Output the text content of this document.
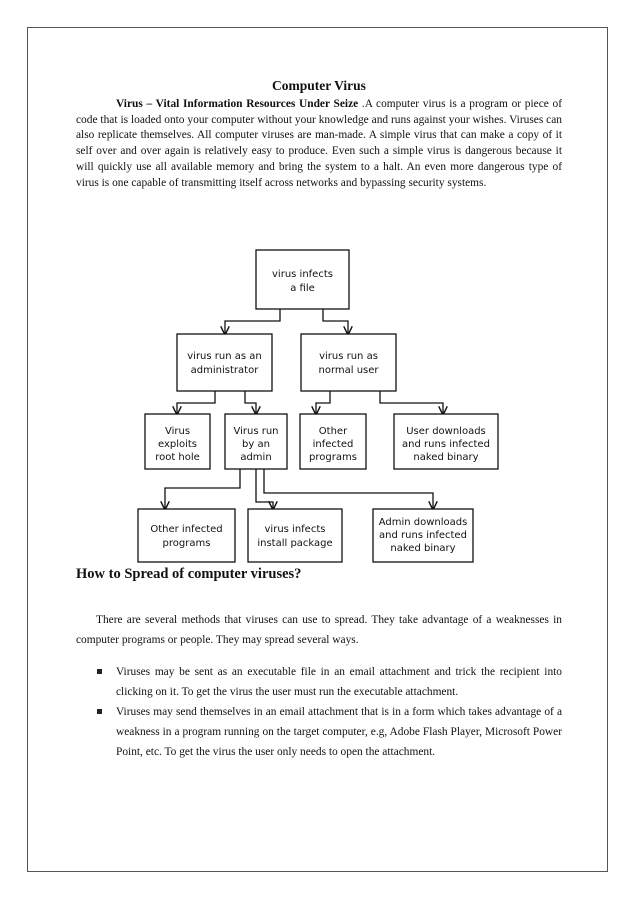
Computer Virus

Virus – Vital Information Resources Under Seize .A computer virus is a program or piece of code that is loaded onto your computer without your knowledge and runs against your wishes. Viruses can also replicate themselves. All computer viruses are man-made. A simple virus that can make a copy of it self over and over again is relatively easy to produce. Even such a simple virus is dangerous because it will quickly use all available memory and bring the system to a halt. An even more dangerous type of virus is one capable of transmitting itself across networks and bypassing security systems.

virus infects
a file
virus run as an
administrator
virus run as
normal user
Virus
exploits
root hole
Virus run
by an
admin
Other
infected
programs
User downloads
and runs infected
naked binary
Other infected
programs
virus infects
install package
Admin downloads
and runs infected
naked binary
How to Spread of computer viruses?

There are several methods that viruses can use to spread. They take advantage of a weaknesses in computer programs or people. They may spread several ways.

Viruses may be sent as an executable file in an email attachment and trick the recipient into clicking on it. To get the virus the user must run the executable attachment.
Viruses may send themselves in an email attachment that is in a form which takes advantage of a weakness in a program running on the target computer, e.g, Adobe Flash Player, Microsoft Power Point, etc. To get the virus the user only needs to open the attachment.
